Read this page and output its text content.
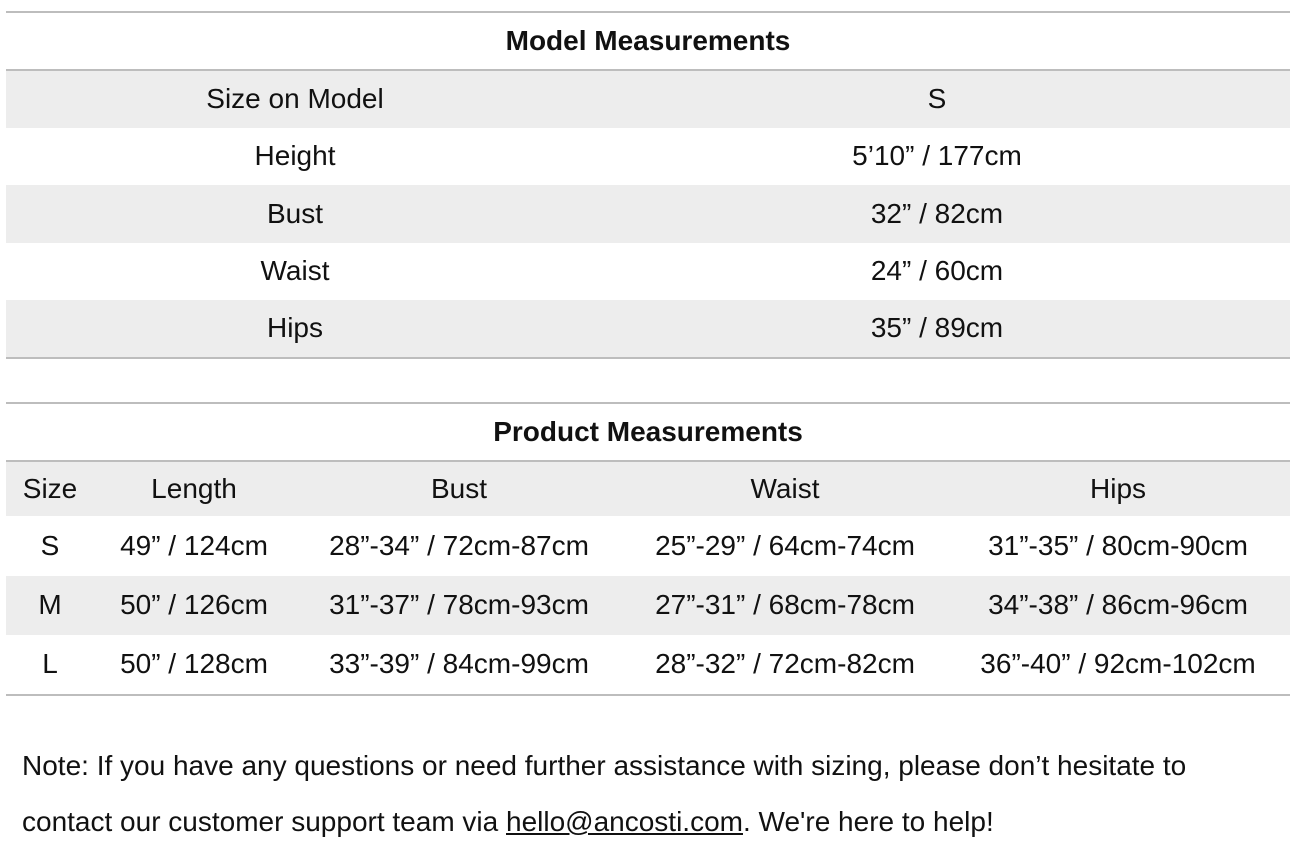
Model Measurements	
Size on Model	S
Height	5’10” / 177cm
Bust	32” / 82cm
Waist	24” / 60cm
Hips	35” / 89cm
Product Measurements				
Size	Length	Bust	Waist	Hips
S	49” / 124cm	28”-34” / 72cm-87cm	25”-29” / 64cm-74cm	31”-35” / 80cm-90cm
M	50” / 126cm	31”-37” / 78cm-93cm	27”-31” / 68cm-78cm	34”-38” / 86cm-96cm
L	50” / 128cm	33”-39” / 84cm-99cm	28”-32” / 72cm-82cm	36”-40” / 92cm-102cm

Note: If you have any questions or need further assistance with sizing, please don’t hesitate to contact our customer support team via hello@ancosti.com. We're here to help!
